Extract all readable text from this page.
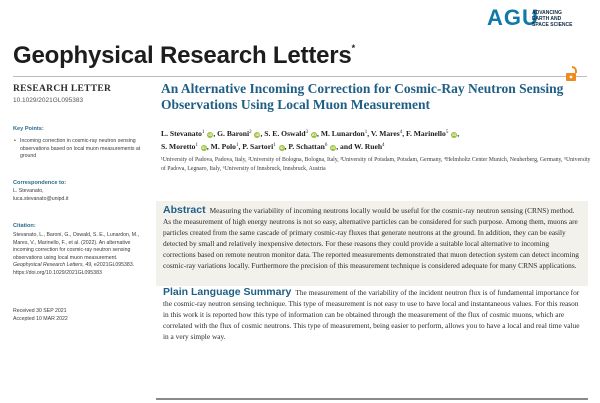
AGU
ADVANCING
EARTH AND
SPACE SCIENCE
Geophysical Research Letters*
RESEARCH LETTER
10.1029/2021GL095383
Key Points:
• Incoming correction in cosmic-ray neutron sensing observations based on local muon measurements at ground
Correspondence to:
L. Stevanato,
luca.stevanato@unipd.it
Citation:
Stevanato, L., Baroni, G., Oswald, S. E., Lunardon, M., Mares, V., Marinello, F., et al. (2022). An alternative incoming correction for cosmic-ray neutron sensing observations using local muon measurement. Geophysical Research Letters, 49, e2021GL095383. https://doi.org/10.1029/2021GL095383
Received 30 SEP 2021
Accepted 10 MAR 2022
An Alternative Incoming Correction for Cosmic-Ray Neutron Sensing Observations Using Local Muon Measurement
L. Stevanato$^1$ iD, G. Baroni$^2$ iD, S. E. Oswald$^3$ iD, M. Lunardon$^1$, V. Mares$^4$, F. Marinello$^5$ iD,
S. Moretto$^1$ iD, M. Polo$^1$, P. Sartori$^1$ iD, P. Schattan$^6$ iD, and W. Rueh$^4$
¹University of Padova, Padova, Italy, ²University of Bologna, Bologna, Italy, ³University of Potsdam, Potsdam, Germany, ⁴Helmholtz Center Munich, Neuherberg, Germany, ⁵University of Padova, Legnaro, Italy, ⁶University of Innsbruck, Innsbruck, Austria
Abstract Measuring the variability of incoming neutrons locally would be useful for the cosmic-ray neutron sensing (CRNS) method. As the measurement of high energy neutrons is not so easy, alternative particles can be considered for such purpose. Among them, muons are particles created from the same cascade of primary cosmic-ray fluxes that generate neutrons at the ground. In addition, they can be easily detected by small and relatively inexpensive detectors. For these reasons they could provide a suitable local alternative to incoming corrections based on remote neutron monitor data. The reported measurements demonstrated that muon detection system can detect incoming cosmic-ray variations locally. Furthermore the precision of this measurement technique is considered adequate for many CRNS applications.
Plain Language Summary The measurement of the variability of the incident neutron flux is of fundamental importance for the cosmic-ray neutron sensing technique. This type of measurement is not easy to use to have local and instantaneous values. For this reason in this work it is reported how this type of information can be obtained through the measurement of the flux of cosmic muons, which are correlated with the flux of cosmic neutrons. This type of measurement, being easier to perform, allows you to have a local and real time value in a very simple way.
